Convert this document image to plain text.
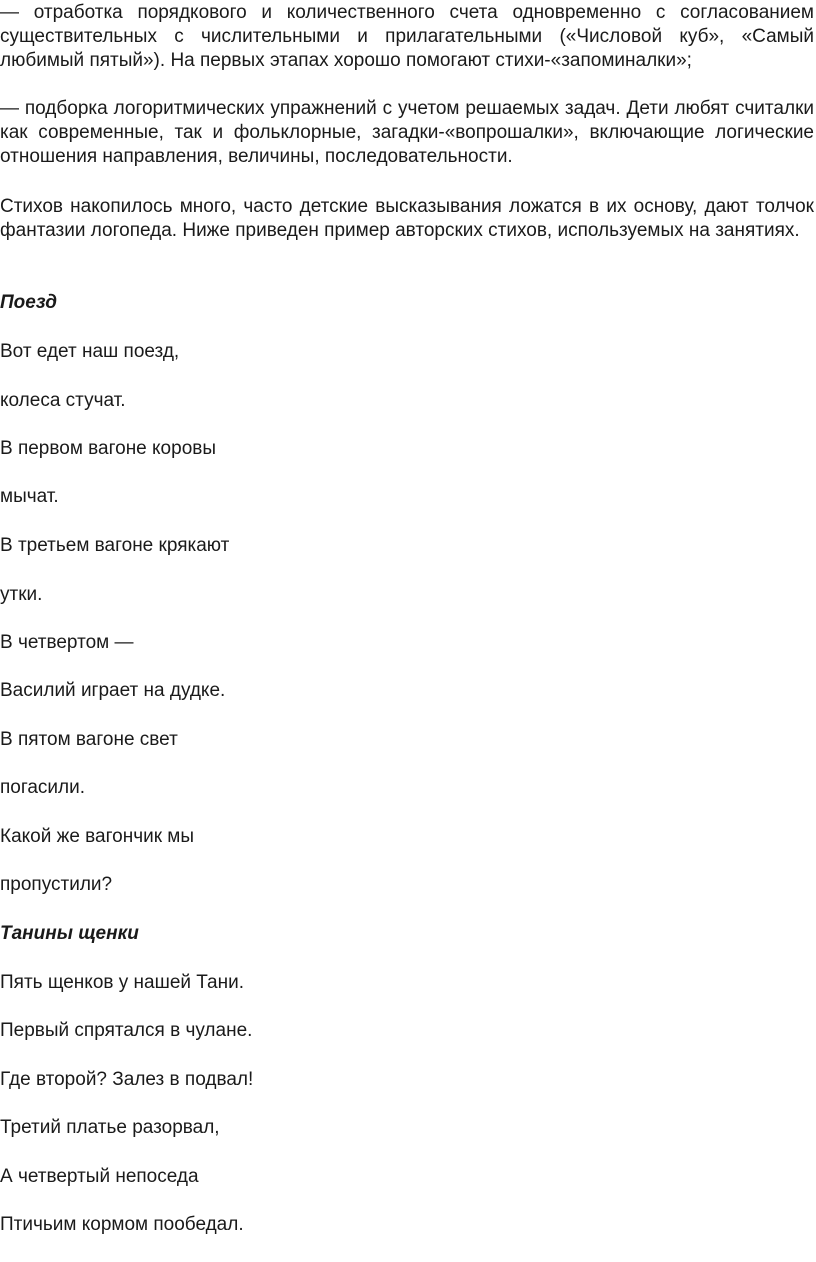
— отработка порядкового и количественного счета одновременно с согласованием существительных с числительными и прилагательными («Числовой куб», «Самый любимый пятый»). На первых этапах хорошо помогают стихи-«запоминалки»;

— подборка логоритмических упражнений с учетом решаемых задач. Дети любят считалки как современные, так и фольклорные, загадки-«вопрошалки», включающие логические отношения направления, величины, последовательности.

Стихов накопилось много, часто детские высказывания ложатся в их основу, дают толчок фантазии логопеда. Ниже приведен пример авторских стихов, используемых на занятиях.

Поезд

Вот едет наш поезд,

колеса стучат.

В первом вагоне коровы

мычат.

В третьем вагоне крякают

утки.

В четвертом —

Василий играет на дудке.

В пятом вагоне свет

погасили.

Какой же вагончик мы

пропустили?

Танины щенки

Пять щенков у нашей Тани.

Первый спрятался в чулане.

Где второй? Залез в подвал!

Третий платье разорвал,

А четвертый непоседа

Птичьим кормом пообедал.
